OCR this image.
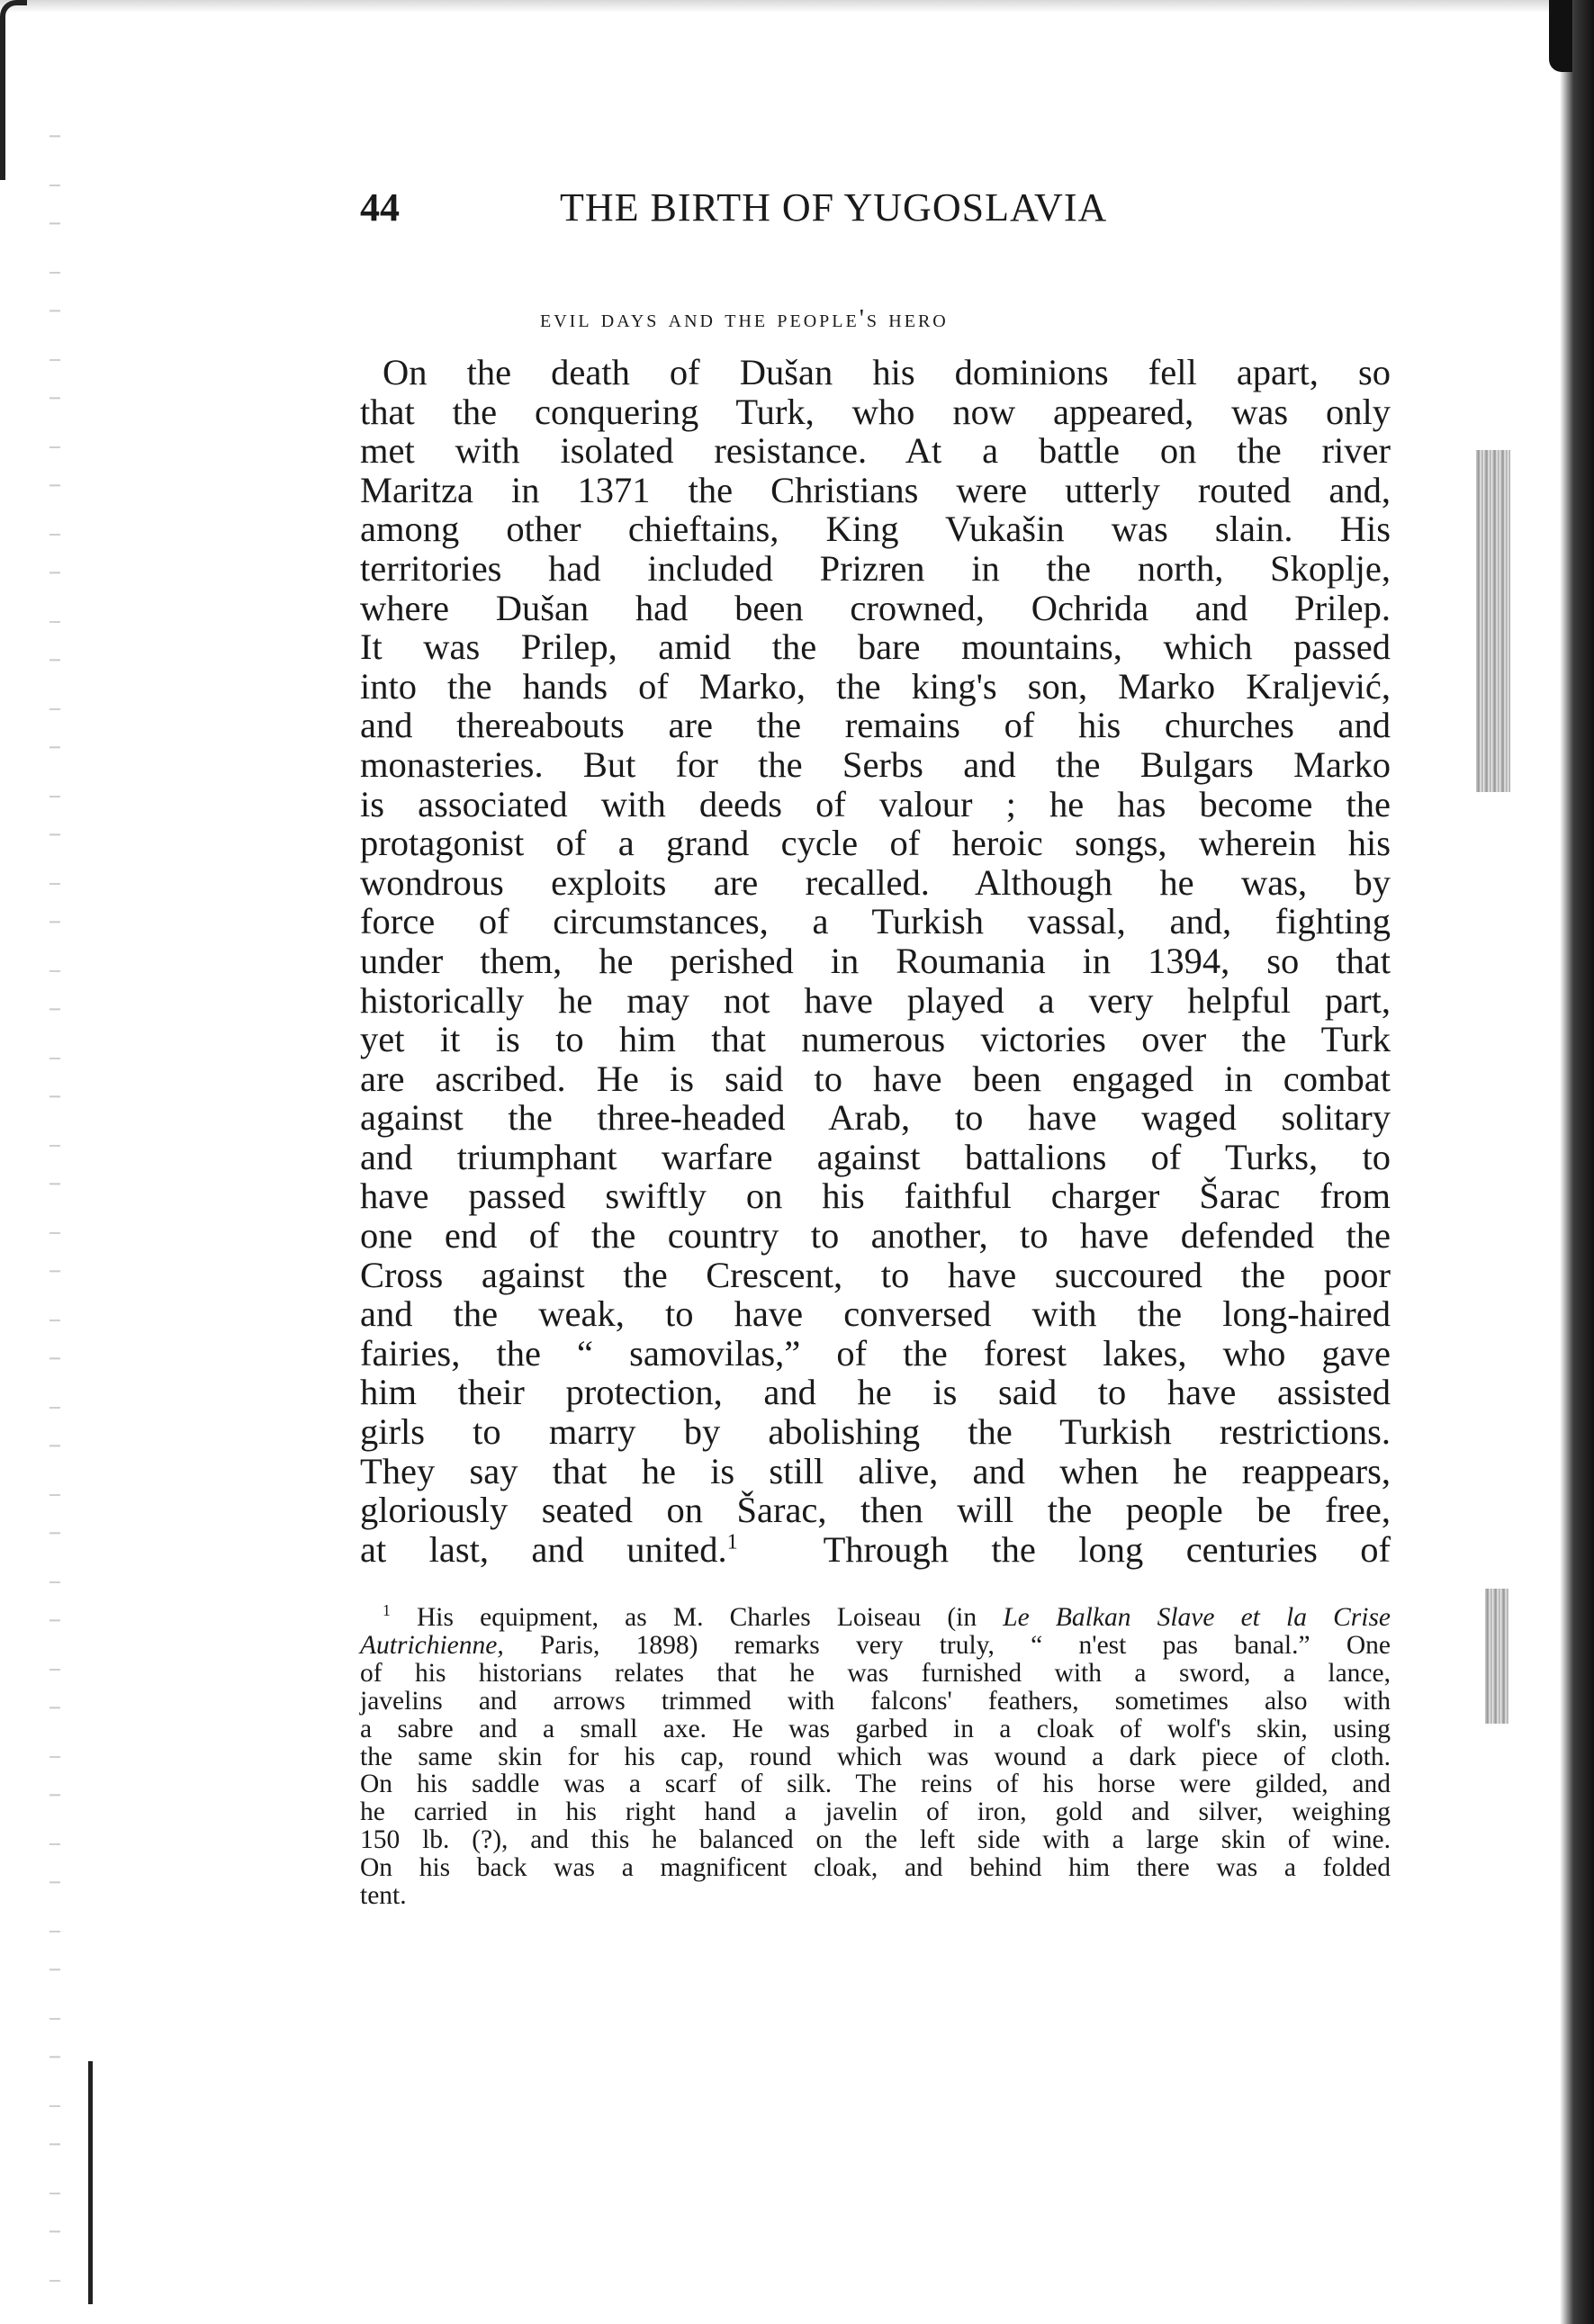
44	THE BIRTH OF YUGOSLAVIA
evil days and the people's hero
On the death of Dušan his dominions fell apart, so
that the conquering Turk, who now appeared, was only
met with isolated resistance. At a battle on the river
Maritza in 1371 the Christians were utterly routed and,
among other chieftains, King Vukašin was slain. His
territories had included Prizren in the north, Skoplje,
where Dušan had been crowned, Ochrida and Prilep.
It was Prilep, amid the bare mountains, which passed
into the hands of Marko, the king's son, Marko Kraljević,
and thereabouts are the remains of his churches and
monasteries. But for the Serbs and the Bulgars Marko
is associated with deeds of valour ; he has become the
protagonist of a grand cycle of heroic songs, wherein his
wondrous exploits are recalled. Although he was, by
force of circumstances, a Turkish vassal, and, fighting
under them, he perished in Roumania in 1394, so that
historically he may not have played a very helpful part,
yet it is to him that numerous victories over the Turk
are ascribed. He is said to have been engaged in combat
against the three-headed Arab, to have waged solitary
and triumphant warfare against battalions of Turks, to
have passed swiftly on his faithful charger Šarac from
one end of the country to another, to have defended the
Cross against the Crescent, to have succoured the poor
and the weak, to have conversed with the long-haired
fairies, the “ samovilas,” of the forest lakes, who gave
him their protection, and he is said to have assisted
girls to marry by abolishing the Turkish restrictions.
They say that he is still alive, and when he reappears,
gloriously seated on Šarac, then will the people be free,
at last, and united.$^1$ Through the long centuries of
$^1$ His equipment, as M. Charles Loiseau (in Le Balkan Slave et la Crise
Autrichienne, Paris, 1898) remarks very truly, “ n'est pas banal.” One
of his historians relates that he was furnished with a sword, a lance,
javelins and arrows trimmed with falcons' feathers, sometimes also with
a sabre and a small axe. He was garbed in a cloak of wolf's skin, using
the same skin for his cap, round which was wound a dark piece of cloth.
On his saddle was a scarf of silk. The reins of his horse were gilded, and
he carried in his right hand a javelin of iron, gold and silver, weighing
150 lb. (?), and this he balanced on the left side with a large skin of wine.
On his back was a magnificent cloak, and behind him there was a folded
tent.
